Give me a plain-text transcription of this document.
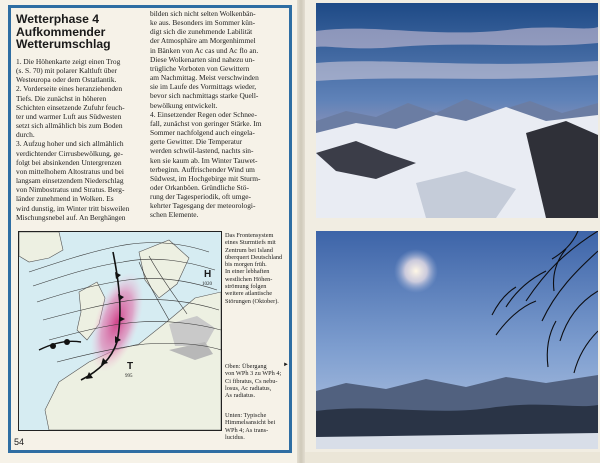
Wetterphase 4
Aufkommender
Wetterumschlag

1. Die Höhenkarte zeigt einen Trog

(s. S. 70) mit polarer Kaltluft über

Westeuropa oder dem Ostatlantik.

2. Vorderseite eines heranziehenden

Tiefs. Die zunächst in höheren

Schichten einsetzende Zufuhr feuch-

ter und warmer Luft aus Südwesten

setzt sich allmählich bis zum Boden

durch.

3. Aufzug hoher und sich allmählich

verdichtender Cirrusbewölkung, ge-

folgt bei absinkenden Untergrenzen

von mittelhohem Altostratus und bei

langsam einsetzendem Niederschlag

von Nimbostratus und Stratus. Berg-

länder zunehmend in Wolken. Es

wird dunstig, im Winter tritt bisweilen

Mischungsnebel auf. An Berghängen

bilden sich nicht selten Wolkenbän-

ke aus. Besonders im Sommer kün-

digt sich die zunehmende Labilität

der Atmosphäre am Morgenhimmel

in Bänken von Ac cas und Ac flo an.

Diese Wolkenarten sind nahezu un-

trügliche Vorboten von Gewittern

am Nachmittag. Meist verschwinden

sie im Laufe des Vormittags wieder,

bevor sich nachmittags starke Quell-

bewölkung entwickelt.

4. Einsetzender Regen oder Schnee-

fall, zunächst von geringer Stärke. Im

Sommer nachfolgend auch eingela-

gerte Gewitter. Die Temperatur

werden schwül-lastend, nachts sin-

ken sie kaum ab. Im Winter Tauwet-

terbeginn. Auffrischender Wind um

Südwest, im Hochgebirge mit Sturm-

oder Orkanböen. Gründliche Stö-

rung der Tagesperiodik, oft umge-

kehrter Tagesgang der meteorologi-

schen Elemente.

H
1020
T
995
Das Frontensystem
eines Sturmtiefs mit
Zentrum bei Island
überquert Deutschland
bis morgen früh.
In einer lebhaften
westlichen Höhen-
strömung folgen
weitere atlantische
Störungen (Oktober).
Oben: Übergang
von WPh 3 zu WPh 4;
Ci fibratus, Cs nebu-
losus, Ac radiatus,
As radiatus.
►
Unten: Typische
Himmelsansicht bei
WPh 4; As trans-
lucidus.
54
